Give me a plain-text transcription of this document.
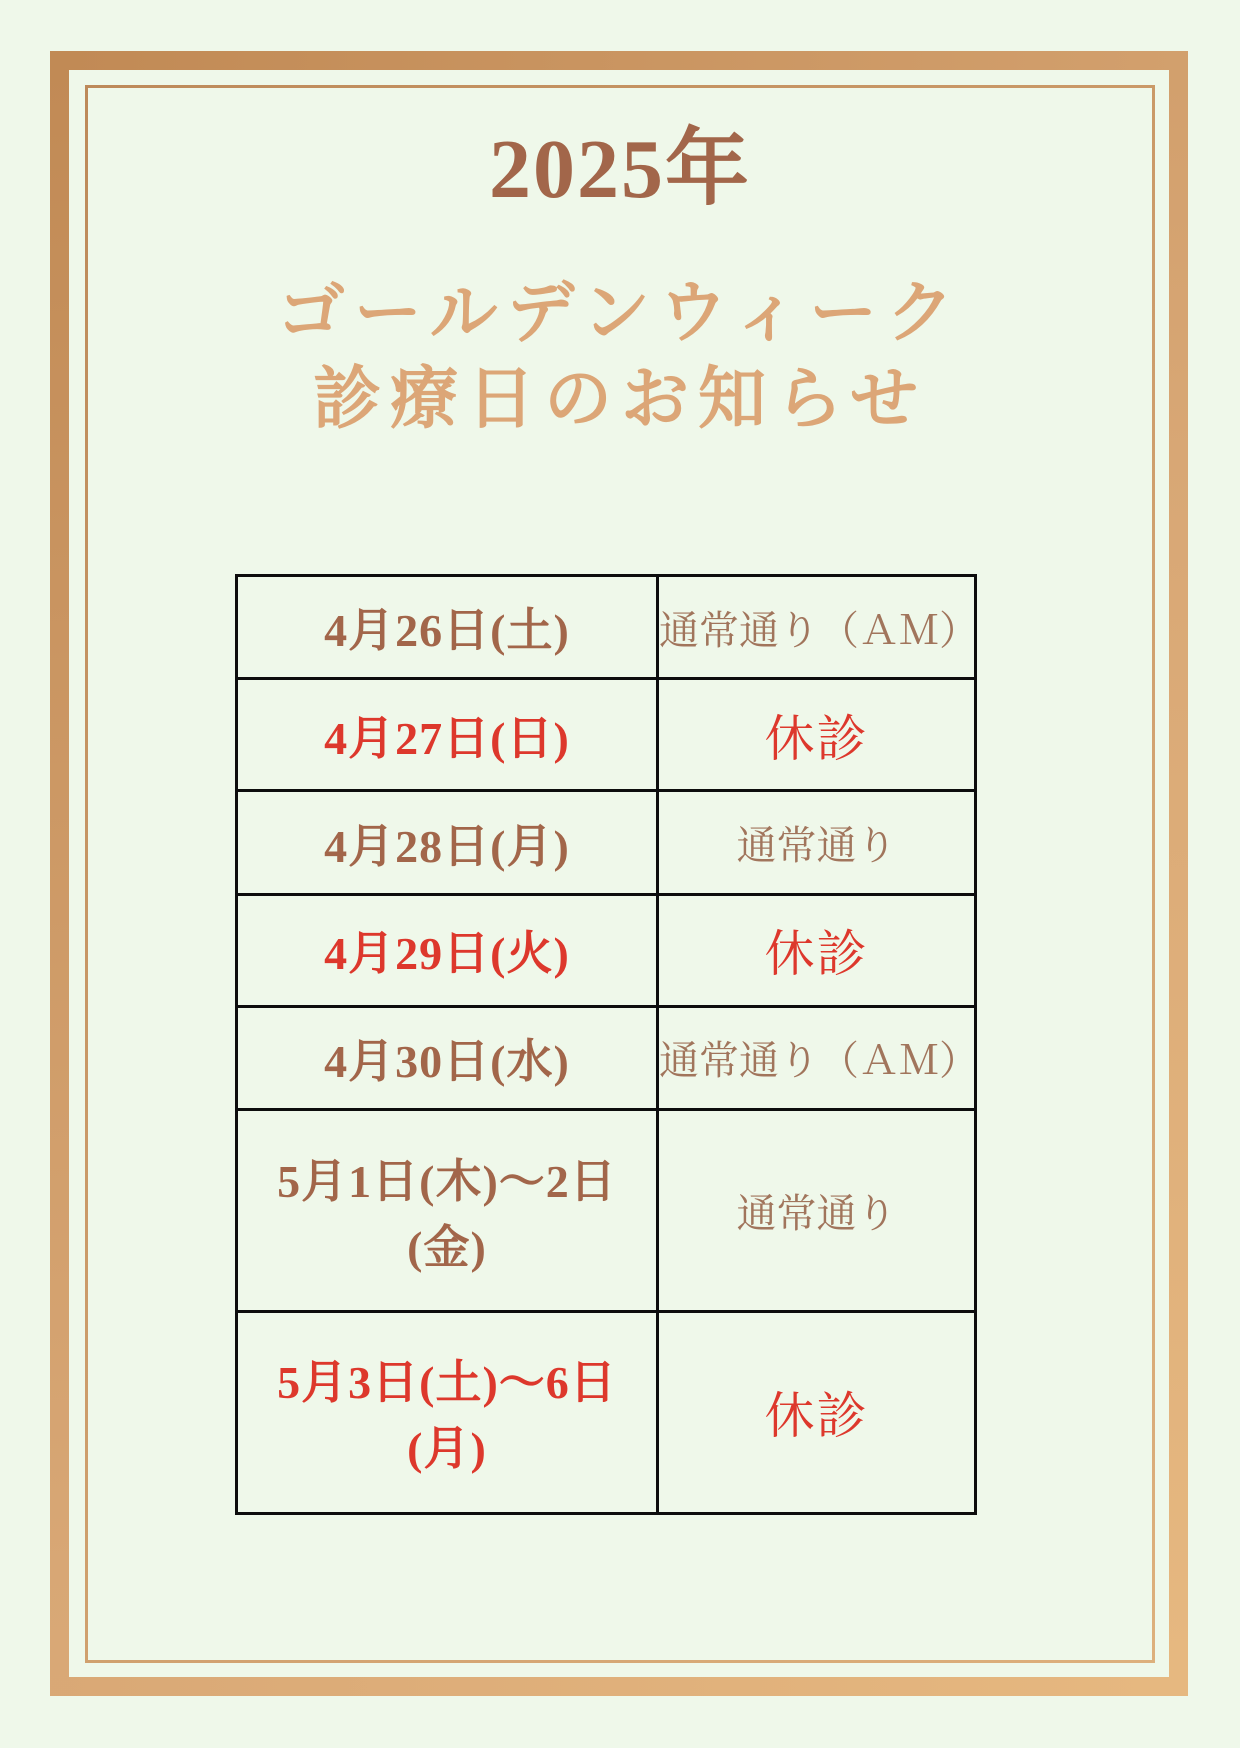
2025年
ゴールデンウィーク
診療日のお知らせ
4月26日(土)	通常通り（ＡＭ）
4月27日(日)	休診
4月28日(月)	通常通り
4月29日(火)	休診
4月30日(水)	通常通り（ＡＭ）
5月1日(木)～2日(金)	通常通り
5月3日(土)～6日(月)	休診
